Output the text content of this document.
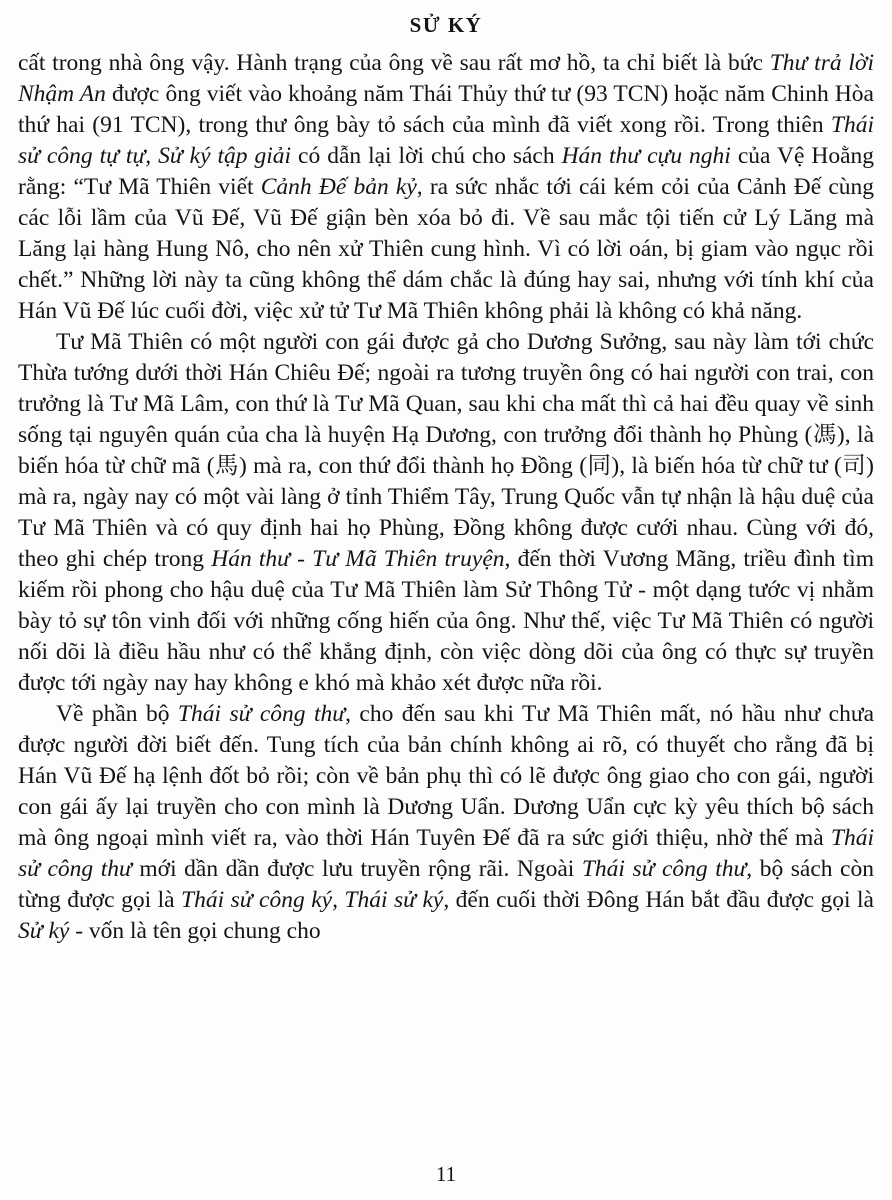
SỬ KÝ

cất trong nhà ông vậy. Hành trạng của ông về sau rất mơ hồ, ta chỉ biết là bức Thư trả lời Nhậm An được ông viết vào khoảng năm Thái Thủy thứ tư (93 TCN) hoặc năm Chinh Hòa thứ hai (91 TCN), trong thư ông bày tỏ sách của mình đã viết xong rồi. Trong thiên Thái sử công tự tự, Sử ký tập giải có dẫn lại lời chú cho sách Hán thư cựu nghi của Vệ Hoằng rằng: “Tư Mã Thiên viết Cảnh Đế bản kỷ, ra sức nhắc tới cái kém cỏi của Cảnh Đế cùng các lỗi lầm của Vũ Đế, Vũ Đế giận bèn xóa bỏ đi. Về sau mắc tội tiến cử Lý Lăng mà Lăng lại hàng Hung Nô, cho nên xử Thiên cung hình. Vì có lời oán, bị giam vào ngục rồi chết.” Những lời này ta cũng không thể dám chắc là đúng hay sai, nhưng với tính khí của Hán Vũ Đế lúc cuối đời, việc xử tử Tư Mã Thiên không phải là không có khả năng.

Tư Mã Thiên có một người con gái được gả cho Dương Sưởng, sau này làm tới chức Thừa tướng dưới thời Hán Chiêu Đế; ngoài ra tương truyền ông có hai người con trai, con trưởng là Tư Mã Lâm, con thứ là Tư Mã Quan, sau khi cha mất thì cả hai đều quay về sinh sống tại nguyên quán của cha là huyện Hạ Dương, con trưởng đổi thành họ Phùng (馮), là biến hóa từ chữ mã (馬) mà ra, con thứ đổi thành họ Đồng (同), là biến hóa từ chữ tư (司) mà ra, ngày nay có một vài làng ở tỉnh Thiểm Tây, Trung Quốc vẫn tự nhận là hậu duệ của Tư Mã Thiên và có quy định hai họ Phùng, Đồng không được cưới nhau. Cùng với đó, theo ghi chép trong Hán thư - Tư Mã Thiên truyện, đến thời Vương Mãng, triều đình tìm kiếm rồi phong cho hậu duệ của Tư Mã Thiên làm Sử Thông Tử - một dạng tước vị nhằm bày tỏ sự tôn vinh đối với những cống hiến của ông. Như thế, việc Tư Mã Thiên có người nối dõi là điều hầu như có thể khẳng định, còn việc dòng dõi của ông có thực sự truyền được tới ngày nay hay không e khó mà khảo xét được nữa rồi.

Về phần bộ Thái sử công thư, cho đến sau khi Tư Mã Thiên mất, nó hầu như chưa được người đời biết đến. Tung tích của bản chính không ai rõ, có thuyết cho rằng đã bị Hán Vũ Đế hạ lệnh đốt bỏ rồi; còn về bản phụ thì có lẽ được ông giao cho con gái, người con gái ấy lại truyền cho con mình là Dương Uẩn. Dương Uẩn cực kỳ yêu thích bộ sách mà ông ngoại mình viết ra, vào thời Hán Tuyên Đế đã ra sức giới thiệu, nhờ thế mà Thái sử công thư mới dần dần được lưu truyền rộng rãi. Ngoài Thái sử công thư, bộ sách còn từng được gọi là Thái sử công ký, Thái sử ký, đến cuối thời Đông Hán bắt đầu được gọi là Sử ký - vốn là tên gọi chung cho

11
